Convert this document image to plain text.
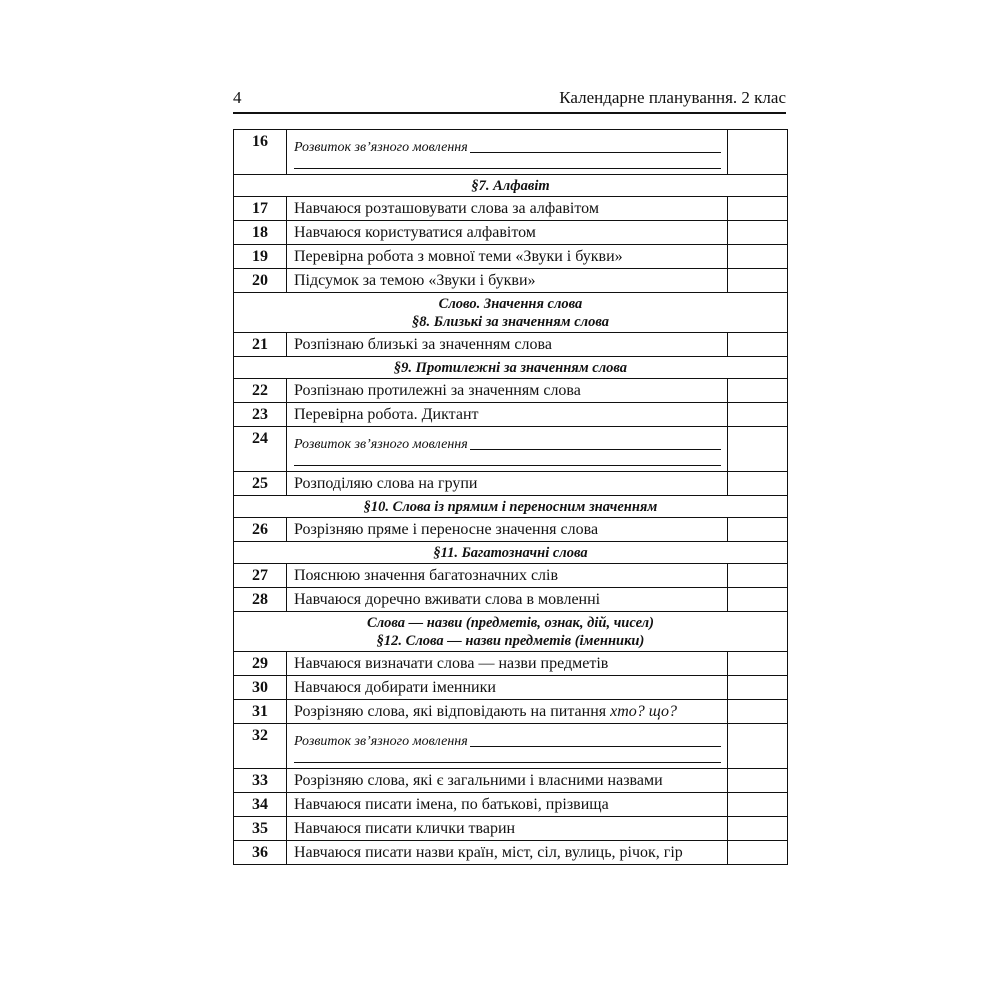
4	Календарне планування. 2 клас
16	Розвиток зв’язного мовлення	

§7. Алфавіт		

17	Навчаюся розташовувати слова за алфавітом	
18	Навчаюся користуватися алфавітом	
19	Перевірна робота з мовної теми «Звуки і букви»	
20	Підсумок за темою «Звуки і букви»	

Слово. Значення слова
§8. Близькі за значенням слова		

21	Розпізнаю близькі за значенням слова	

§9. Протилежні за значенням слова		

22	Розпізнаю протилежні за значенням слова	
23	Перевірна робота. Диктант	
24	Розвиток зв’язного мовлення	

25	Розподіляю слова на групи	

§10. Слова із прямим і переносним значенням		

26	Розрізняю пряме і переносне значення слова	

§11. Багатозначні слова		

27	Пояснюю значення багатозначних слів	
28	Навчаюся доречно вживати слова в мовленні	

Слова — назви (предметів, ознак, дій, чисел)
§12. Слова — назви предметів (іменники)		

29	Навчаюся визначати слова — назви предметів	
30	Навчаюся добирати іменники	
31	Розрізняю слова, які відповідають на питання хто? що?	
32	Розвиток зв’язного мовлення	

33	Розрізняю слова, які є загальними і власними назвами	
34	Навчаюся писати імена, по батькові, прізвища	
35	Навчаюся писати клички тварин	
36	Навчаюся писати назви країн, міст, сіл, вулиць, річок, гір	
